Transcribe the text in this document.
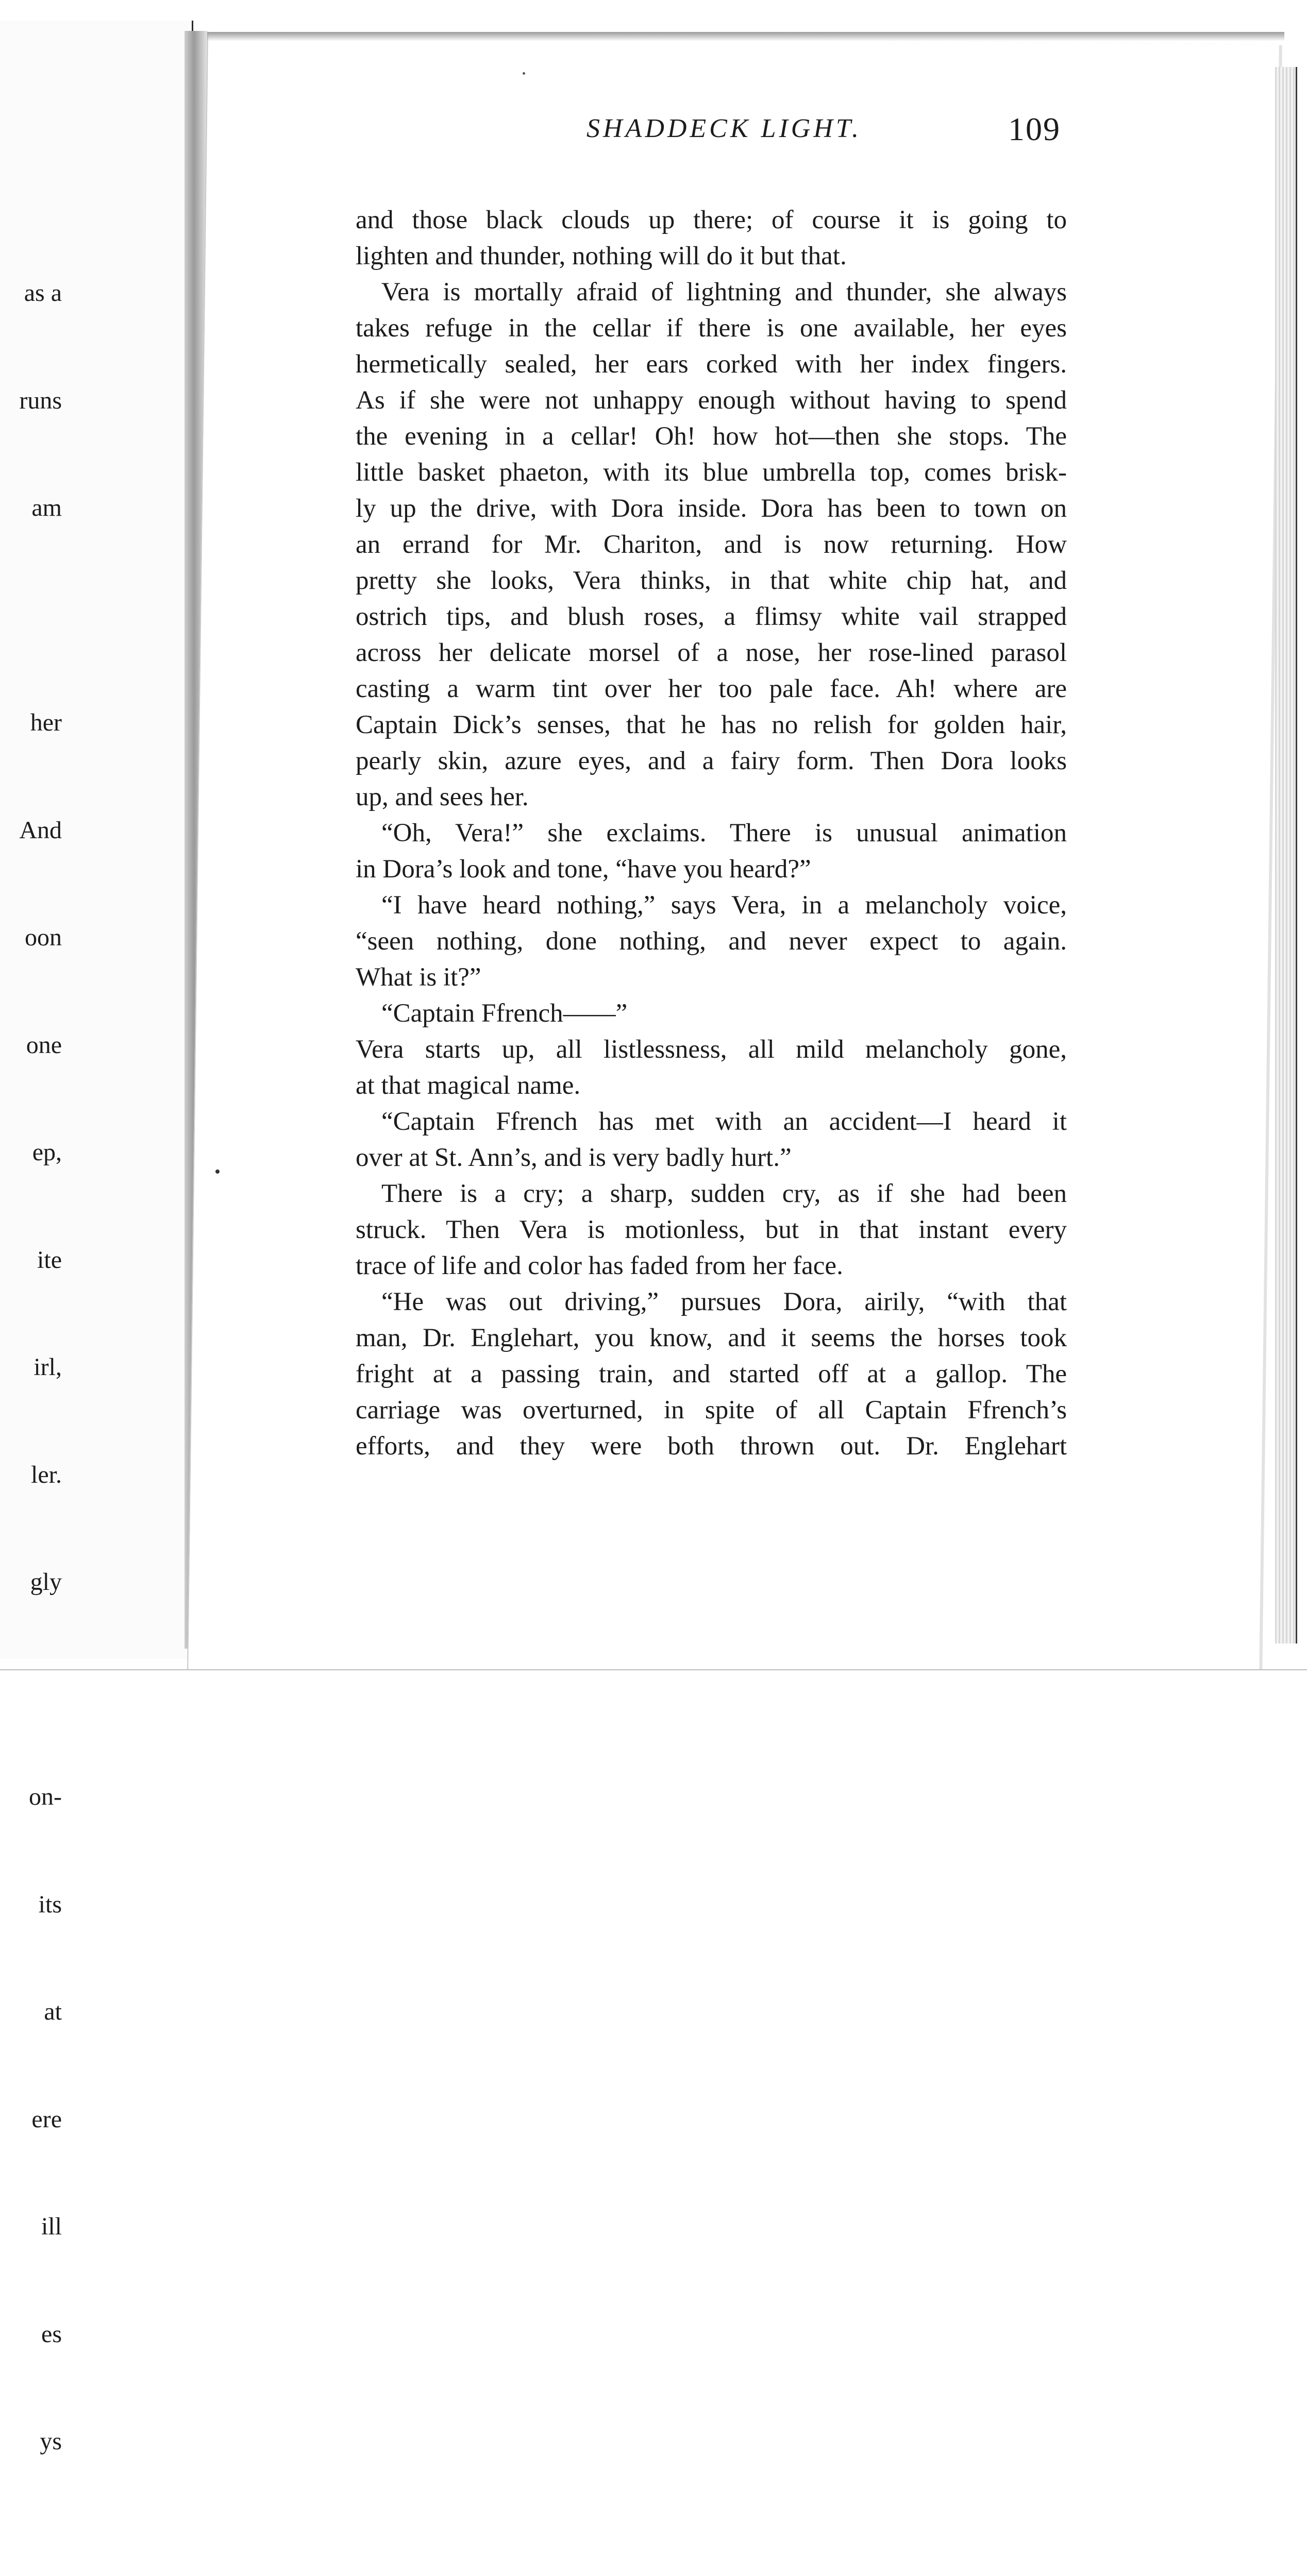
as a

runs

am

her

And

oon

one

ep,

ite

irl,

ler.

gly

on-

its

at

ere

ill

es

ys

SHADDECK LIGHT.	109
and those black clouds up there; of course it is going to
lighten and thunder, nothing will do it but that.
Vera is mortally afraid of lightning and thunder, she always
takes refuge in the cellar if there is one available, her eyes
hermetically sealed, her ears corked with her index fingers.
As if she were not unhappy enough without having to spend
the evening in a cellar! Oh! how hot—then she stops. The
little basket phaeton, with its blue umbrella top, comes brisk-
ly up the drive, with Dora inside. Dora has been to town on
an errand for Mr. Chariton, and is now returning. How
pretty she looks, Vera thinks, in that white chip hat, and
ostrich tips, and blush roses, a flimsy white vail strapped
across her delicate morsel of a nose, her rose-lined parasol
casting a warm tint over her too pale face. Ah! where are
Captain Dick’s senses, that he has no relish for golden hair,
pearly skin, azure eyes, and a fairy form. Then Dora looks
up, and sees her.
“Oh, Vera!” she exclaims. There is unusual animation
in Dora’s look and tone, “have you heard?”
“I have heard nothing,” says Vera, in a melancholy voice,
“seen nothing, done nothing, and never expect to again.
What is it?”
“Captain Ffrench——”
Vera starts up, all listlessness, all mild melancholy gone,
at that magical name.
“Captain Ffrench has met with an accident—I heard it
over at St. Ann’s, and is very badly hurt.”
There is a cry; a sharp, sudden cry, as if she had been
struck. Then Vera is motionless, but in that instant every
trace of life and color has faded from her face.
“He was out driving,” pursues Dora, airily, “with that
man, Dr. Englehart, you know, and it seems the horses took
fright at a passing train, and started off at a gallop. The
carriage was overturned, in spite of all Captain Ffrench’s
efforts, and they were both thrown out. Dr. Englehart
